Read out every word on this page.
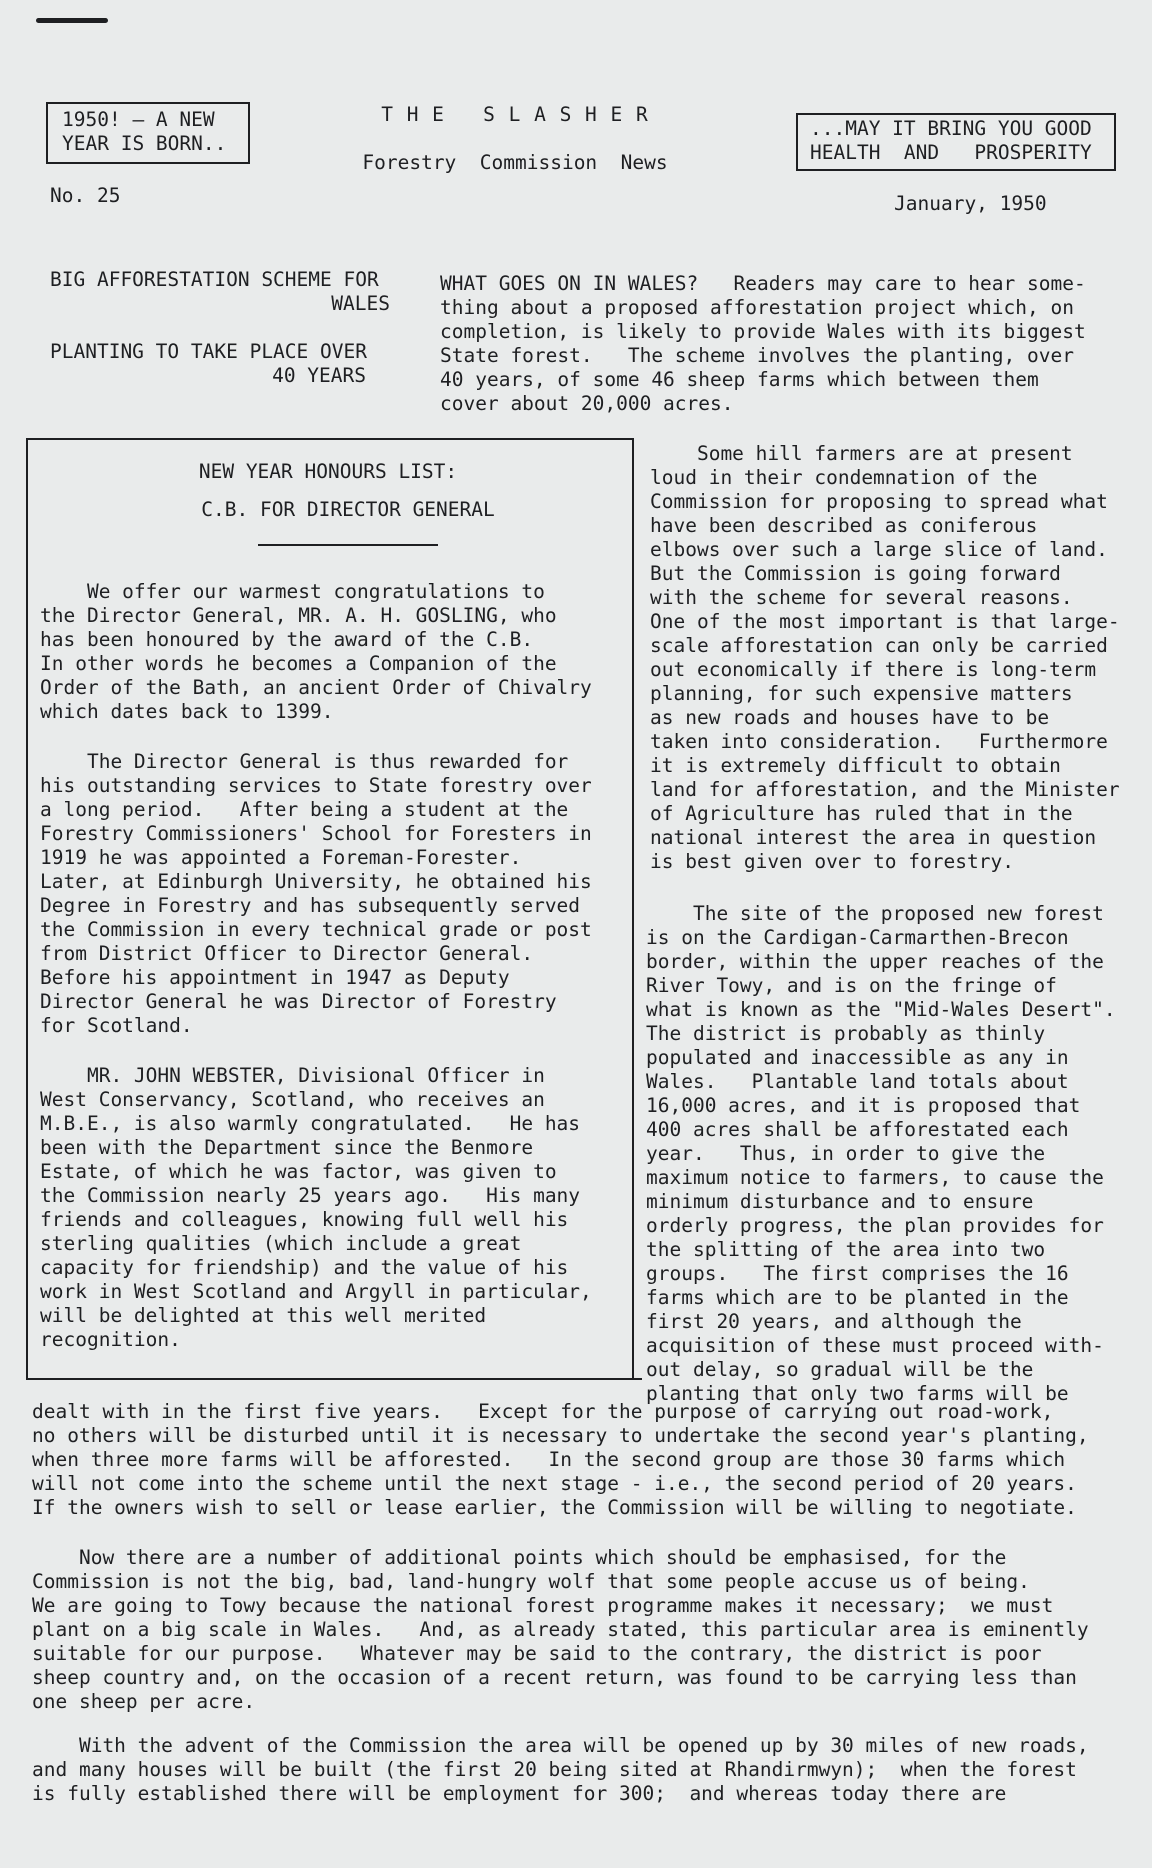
1950! — A NEW
YEAR IS BORN..
T H E   S L A S H E R
Forestry  Commission  News
...MAY IT BRING YOU GOOD
HEALTH  AND   PROSPERITY
No. 25	January, 1950
BIG AFFORESTATION SCHEME FOR
WALES
PLANTING TO TAKE PLACE OVER
40 YEARS
WHAT GOES ON IN WALES?   Readers may care to hear some-
thing about a proposed afforestation project which, on
completion, is likely to provide Wales with its biggest
State forest.   The scheme involves the planting, over
40 years, of some 46 sheep farms which between them
cover about 20,000 acres.
NEW YEAR HONOURS LIST:
C.B. FOR DIRECTOR GENERAL
We offer our warmest congratulations to
the Director General, MR. A. H. GOSLING, who
has been honoured by the award of the C.B.
In other words he becomes a Companion of the
Order of the Bath, an ancient Order of Chivalry
which dates back to 1399.
The Director General is thus rewarded for
his outstanding services to State forestry over
a long period.   After being a student at the
Forestry Commissioners' School for Foresters in
1919 he was appointed a Foreman-Forester.
Later, at Edinburgh University, he obtained his
Degree in Forestry and has subsequently served
the Commission in every technical grade or post
from District Officer to Director General.
Before his appointment in 1947 as Deputy
Director General he was Director of Forestry
for Scotland.
MR. JOHN WEBSTER, Divisional Officer in
West Conservancy, Scotland, who receives an
M.B.E., is also warmly congratulated.   He has
been with the Department since the Benmore
Estate, of which he was factor, was given to
the Commission nearly 25 years ago.   His many
friends and colleagues, knowing full well his
sterling qualities (which include a great
capacity for friendship) and the value of his
work in West Scotland and Argyll in particular,
will be delighted at this well merited
recognition.
Some hill farmers are at present
loud in their condemnation of the
Commission for proposing to spread what
have been described as coniferous
elbows over such a large slice of land.
But the Commission is going forward
with the scheme for several reasons.
One of the most important is that large-
scale afforestation can only be carried
out economically if there is long-term
planning, for such expensive matters
as new roads and houses have to be
taken into consideration.   Furthermore
it is extremely difficult to obtain
land for afforestation, and the Minister
of Agriculture has ruled that in the
national interest the area in question
is best given over to forestry.
The site of the proposed new forest
is on the Cardigan-Carmarthen-Brecon
border, within the upper reaches of the
River Towy, and is on the fringe of
what is known as the "Mid-Wales Desert".
The district is probably as thinly
populated and inaccessible as any in
Wales.   Plantable land totals about
16,000 acres, and it is proposed that
400 acres shall be afforestated each
year.   Thus, in order to give the
maximum notice to farmers, to cause the
minimum disturbance and to ensure
orderly progress, the plan provides for
the splitting of the area into two
groups.   The first comprises the 16
farms which are to be planted in the
first 20 years, and although the
acquisition of these must proceed with-
out delay, so gradual will be the
planting that only two farms will be
dealt with in the first five years.   Except for the purpose of carrying out road-work,
no others will be disturbed until it is necessary to undertake the second year's planting,
when three more farms will be afforested.   In the second group are those 30 farms which
will not come into the scheme until the next stage - i.e., the second period of 20 years.
If the owners wish to sell or lease earlier, the Commission will be willing to negotiate.
Now there are a number of additional points which should be emphasised, for the
Commission is not the big, bad, land-hungry wolf that some people accuse us of being.
We are going to Towy because the national forest programme makes it necessary;  we must
plant on a big scale in Wales.   And, as already stated, this particular area is eminently
suitable for our purpose.   Whatever may be said to the contrary, the district is poor
sheep country and, on the occasion of a recent return, was found to be carrying less than
one sheep per acre.
With the advent of the Commission the area will be opened up by 30 miles of new roads,
and many houses will be built (the first 20 being sited at Rhandirmwyn);  when the forest
is fully established there will be employment for 300;  and whereas today there are
